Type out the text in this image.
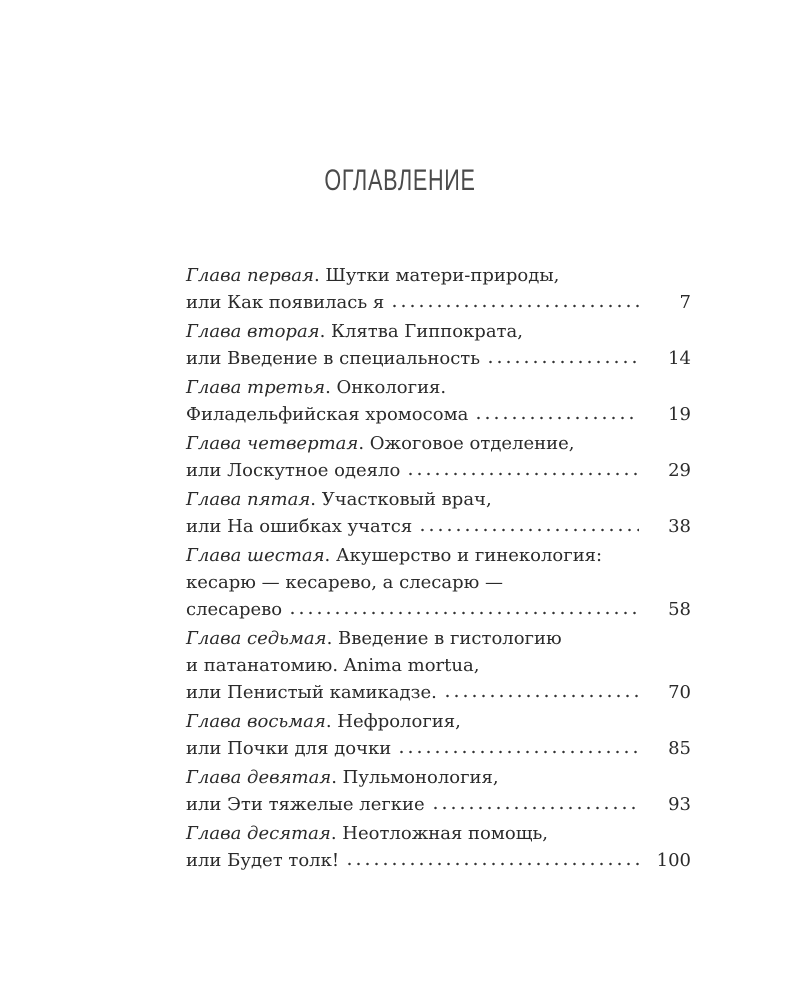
ОГЛАВЛЕНИЕ
Глава первая . Шутки матери-природы,
или Как появилась я	7
Глава вторая . Клятва Гиппократа,
или Введение в специальность	14
Глава третья . Онкология.
Филадельфийская хромосома	19
Глава четвертая . Ожоговое отделение,
или Лоскутное одеяло	29
Глава пятая . Участковый врач,
или На ошибках учатся	38
Глава шестая . Акушерство и гинекология:
кесарю — кесарево, а слесарю —
слесарево	58
Глава седьмая . Введение в гистологию
и патанатомию. Anima mortua,
или Пенистый камикадзе.	70
Глава восьмая . Нефрология,
или Почки для дочки	85
Глава девятая . Пульмонология,
или Эти тяжелые легкие	93
Глава десятая . Неотложная помощь,
или Будет толк!	100
